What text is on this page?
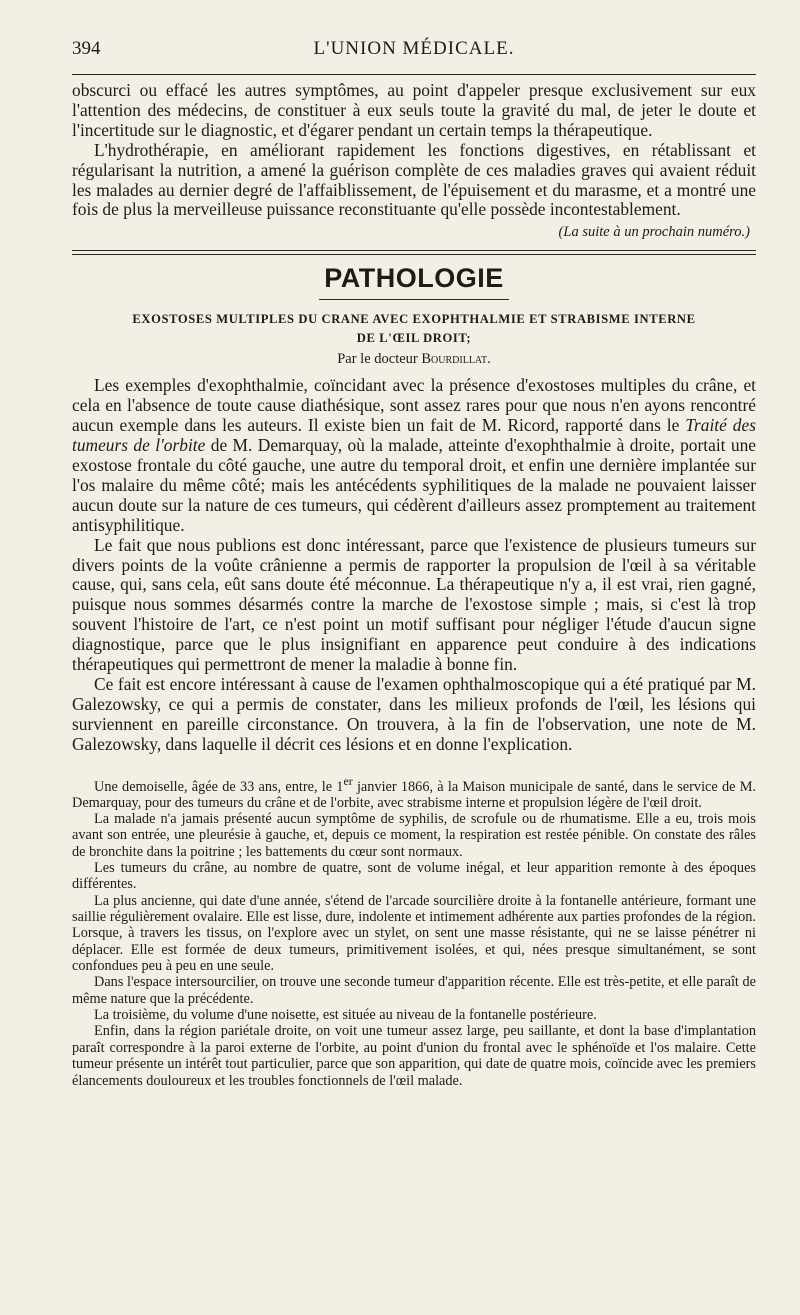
394	L'UNION MÉDICALE.

obscurci ou effacé les autres symptômes, au point d'appeler presque exclusivement sur eux l'attention des médecins, de constituer à eux seuls toute la gravité du mal, de jeter le doute et l'incertitude sur le diagnostic, et d'égarer pendant un certain temps la thérapeutique.

L'hydrothérapie, en améliorant rapidement les fonctions digestives, en rétablissant et régularisant la nutrition, a amené la guérison complète de ces maladies graves qui avaient réduit les malades au dernier degré de l'affaiblissement, de l'épuisement et du marasme, et a montré une fois de plus la merveilleuse puissance reconstituante qu'elle possède incontestablement.

(La suite à un prochain numéro.)

PATHOLOGIE
EXOSTOSES MULTIPLES DU CRANE AVEC EXOPHTHALMIE ET STRABISME INTERNE
DE L'ŒIL DROIT;
Par le docteur Bourdillat.

Les exemples d'exophthalmie, coïncidant avec la présence d'exostoses multiples du crâne, et cela en l'absence de toute cause diathésique, sont assez rares pour que nous n'en ayons rencontré aucun exemple dans les auteurs. Il existe bien un fait de M. Ricord, rapporté dans le Traité des tumeurs de l'orbite de M. Demarquay, où la malade, atteinte d'exophthalmie à droite, portait une exostose frontale du côté gauche, une autre du temporal droit, et enfin une dernière implantée sur l'os malaire du même côté; mais les antécédents syphilitiques de la malade ne pouvaient laisser aucun doute sur la nature de ces tumeurs, qui cédèrent d'ailleurs assez promptement au traitement antisyphilitique.

Le fait que nous publions est donc intéressant, parce que l'existence de plusieurs tumeurs sur divers points de la voûte crânienne a permis de rapporter la propulsion de l'œil à sa véritable cause, qui, sans cela, eût sans doute été méconnue. La thérapeutique n'y a, il est vrai, rien gagné, puisque nous sommes désarmés contre la marche de l'exostose simple ; mais, si c'est là trop souvent l'histoire de l'art, ce n'est point un motif suffisant pour négliger l'étude d'aucun signe diagnostique, parce que le plus insignifiant en apparence peut conduire à des indications thérapeutiques qui permettront de mener la maladie à bonne fin.

Ce fait est encore intéressant à cause de l'examen ophthalmoscopique qui a été pratiqué par M. Galezowsky, ce qui a permis de constater, dans les milieux profonds de l'œil, les lésions qui surviennent en pareille circonstance. On trouvera, à la fin de l'observation, une note de M. Galezowsky, dans laquelle il décrit ces lésions et en donne l'explication.

Une demoiselle, âgée de 33 ans, entre, le 1er janvier 1866, à la Maison municipale de santé, dans le service de M. Demarquay, pour des tumeurs du crâne et de l'orbite, avec strabisme interne et propulsion légère de l'œil droit.

La malade n'a jamais présenté aucun symptôme de syphilis, de scrofule ou de rhumatisme. Elle a eu, trois mois avant son entrée, une pleurésie à gauche, et, depuis ce moment, la respiration est restée pénible. On constate des râles de bronchite dans la poitrine ; les battements du cœur sont normaux.

Les tumeurs du crâne, au nombre de quatre, sont de volume inégal, et leur apparition remonte à des époques différentes.

La plus ancienne, qui date d'une année, s'étend de l'arcade sourcilière droite à la fontanelle antérieure, formant une saillie régulièrement ovalaire. Elle est lisse, dure, indolente et intimement adhérente aux parties profondes de la région. Lorsque, à travers les tissus, on l'explore avec un stylet, on sent une masse résistante, qui ne se laisse pénétrer ni déplacer. Elle est formée de deux tumeurs, primitivement isolées, et qui, nées presque simultanément, se sont confondues peu à peu en une seule.

Dans l'espace intersourcilier, on trouve une seconde tumeur d'apparition récente. Elle est très-petite, et elle paraît de même nature que la précédente.

La troisième, du volume d'une noisette, est située au niveau de la fontanelle postérieure.

Enfin, dans la région pariétale droite, on voit une tumeur assez large, peu saillante, et dont la base d'implantation paraît correspondre à la paroi externe de l'orbite, au point d'union du frontal avec le sphénoïde et l'os malaire. Cette tumeur présente un intérêt tout particulier, parce que son apparition, qui date de quatre mois, coïncide avec les premiers élancements douloureux et les troubles fonctionnels de l'œil malade.
